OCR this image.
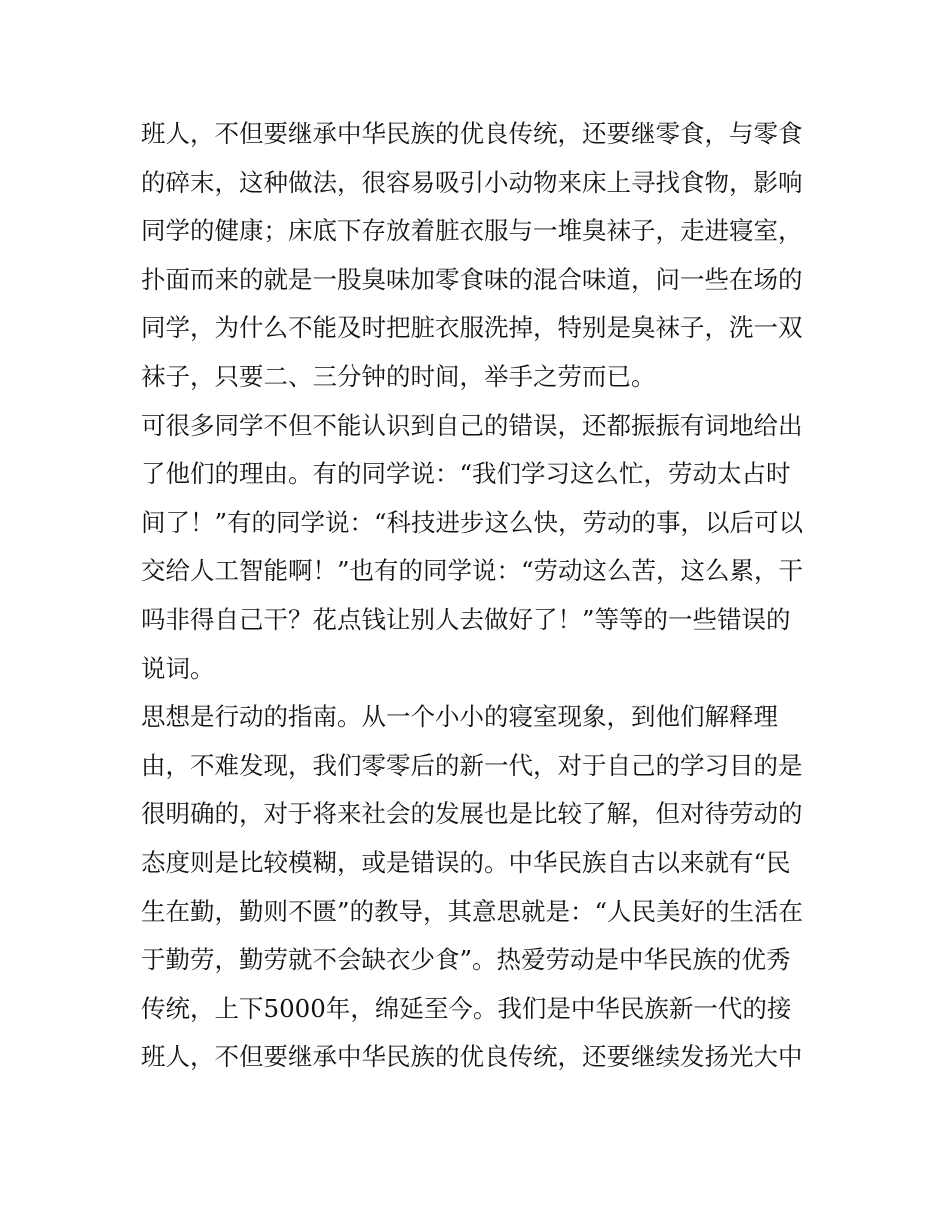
班人，不但要继承中华民族的优良传统，还要继零食，与零食
的碎末，这种做法，很容易吸引小动物来床上寻找食物，影响
同学的健康；床底下存放着脏衣服与一堆臭袜子，走进寝室，
扑面而来的就是一股臭味加零食味的混合味道，问一些在场的
同学，为什么不能及时把脏衣服洗掉，特别是臭袜子，洗一双
袜子，只要二、三分钟的时间，举手之劳而已。
可很多同学不但不能认识到自己的错误，还都振振有词地给出
了他们的理由。有的同学说：“我们学习这么忙，劳动太占时
间了！”有的同学说：“科技进步这么快，劳动的事，以后可以
交给人工智能啊！”也有的同学说：“劳动这么苦，这么累，干
吗非得自己干？花点钱让别人去做好了！”等等的一些错误的
说词。
思想是行动的指南。从一个小小的寝室现象，到他们解释理
由，不难发现，我们零零后的新一代，对于自己的学习目的是
很明确的，对于将来社会的发展也是比较了解，但对待劳动的
态度则是比较模糊，或是错误的。中华民族自古以来就有“民
生在勤，勤则不匮”的教导，其意思就是：“人民美好的生活在
于勤劳，勤劳就不会缺衣少食”。热爱劳动是中华民族的优秀
传统，上下5000年，绵延至今。我们是中华民族新一代的接
班人，不但要继承中华民族的优良传统，还要继续发扬光大中
